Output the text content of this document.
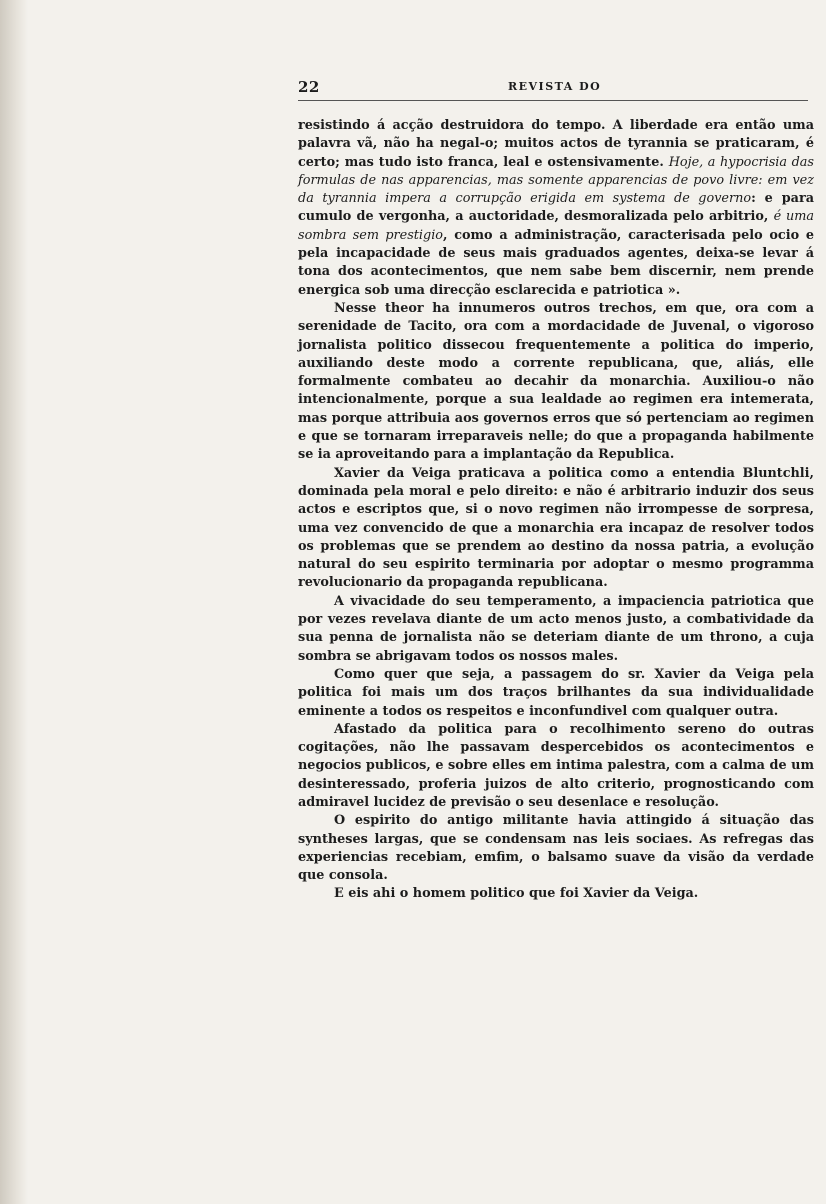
22	REVISTA DO

resistindo á acção destruidora do tempo. A liberdade era então uma palavra vã, não ha negal-o; muitos actos de tyrannia se praticaram, é certo; mas tudo isto franca, leal e ostensivamente. Hoje, a hypocrisia das formulas de nas apparencias, mas somente apparencias de povo livre: em vez da tyrannia impera a corrupção erigida em systema de governo: e para cumulo de vergonha, a auctoridade, desmoralizada pelo arbitrio, é uma sombra sem prestigio, como a administração, caracterisada pelo ocio e pela incapacidade de seus mais graduados agentes, deixa-se levar á tona dos acontecimentos, que nem sabe bem discernir, nem prende energica sob uma direcção esclarecida e patriotica ».

Nesse theor ha innumeros outros trechos, em que, ora com a serenidade de Tacito, ora com a mordacidade de Juvenal, o vigoroso jornalista politico dissecou frequentemente a politica do imperio, auxiliando deste modo a corrente republicana, que, aliás, elle formalmente combateu ao decahir da monarchia. Auxiliou-o não intencionalmente, porque a sua lealdade ao regimen era intemerata, mas porque attribuia aos governos erros que só pertenciam ao regimen e que se tornaram irreparaveis nelle; do que a propaganda habilmente se ia aproveitando para a implantação da Republica.

Xavier da Veiga praticava a politica como a entendia Bluntchli, dominada pela moral e pelo direito: e não é arbitrario induzir dos seus actos e escriptos que, si o novo regimen não irrompesse de sorpresa, uma vez convencido de que a monarchia era incapaz de resolver todos os problemas que se prendem ao destino da nossa patria, a evolução natural do seu espirito terminaria por adoptar o mesmo programma revolucionario da propaganda republicana.

A vivacidade do seu temperamento, a impaciencia patriotica que por vezes revelava diante de um acto menos justo, a combatividade da sua penna de jornalista não se deteriam diante de um throno, a cuja sombra se abrigavam todos os nossos males.

Como quer que seja, a passagem do sr. Xavier da Veiga pela politica foi mais um dos traços brilhantes da sua individualidade eminente a todos os respeitos e inconfundivel com qualquer outra.

Afastado da politica para o recolhimento sereno do outras cogitações, não lhe passavam despercebidos os acontecimentos e negocios publicos, e sobre elles em intima palestra, com a calma de um desinteressado, proferia juizos de alto criterio, prognosticando com admiravel lucidez de previsão o seu desenlace e resolução.

O espirito do antigo militante havia attingido á situação das syntheses largas, que se condensam nas leis sociaes. As refregas das experiencias recebiam, emfim, o balsamo suave da visão da verdade que consola.

E eis ahi o homem politico que foi Xavier da Veiga.
